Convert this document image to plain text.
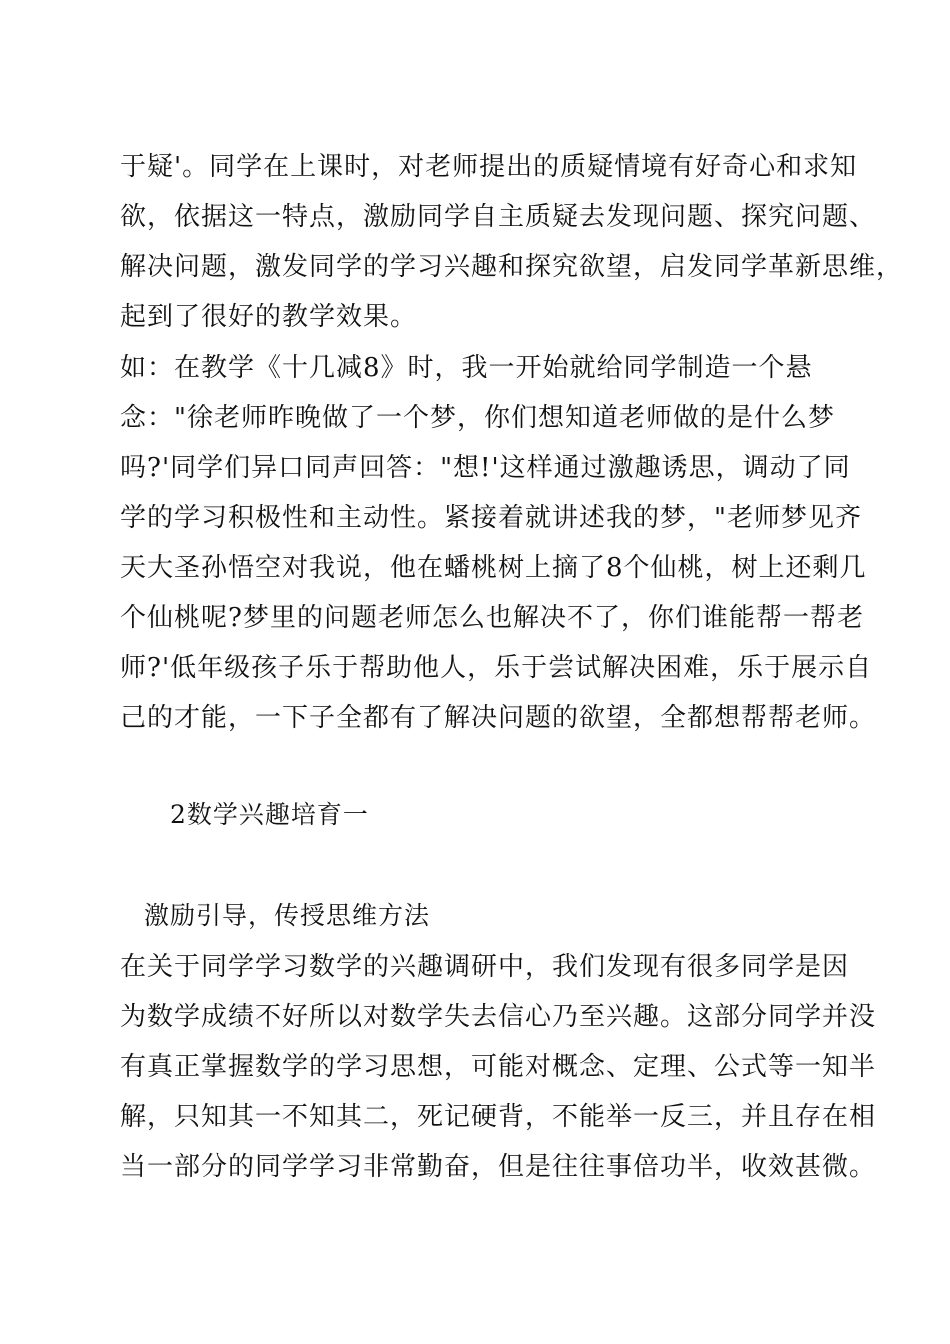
于疑'。同学在上课时，对老师提出的质疑情境有好奇心和求知
欲，依据这一特点，激励同学自主质疑去发现问题、探究问题、
解决问题，激发同学的学习兴趣和探究欲望，启发同学革新思维，
起到了很好的教学效果。
如：在教学《十几减8》时，我一开始就给同学制造一个悬
念："徐老师昨晚做了一个梦，你们想知道老师做的是什么梦
吗?'同学们异口同声回答："想!'这样通过激趣诱思，调动了同
学的学习积极性和主动性。紧接着就讲述我的梦，"老师梦见齐
天大圣孙悟空对我说，他在蟠桃树上摘了8个仙桃，树上还剩几
个仙桃呢?梦里的问题老师怎么也解决不了，你们谁能帮一帮老
师?'低年级孩子乐于帮助他人，乐于尝试解决困难，乐于展示自
己的才能，一下子全都有了解决问题的欲望，全都想帮帮老师。
2数学兴趣培育一
激励引导，传授思维方法
在关于同学学习数学的兴趣调研中，我们发现有很多同学是因
为数学成绩不好所以对数学失去信心乃至兴趣。这部分同学并没
有真正掌握数学的学习思想，可能对概念、定理、公式等一知半
解，只知其一不知其二，死记硬背，不能举一反三，并且存在相
当一部分的同学学习非常勤奋，但是往往事倍功半，收效甚微。
